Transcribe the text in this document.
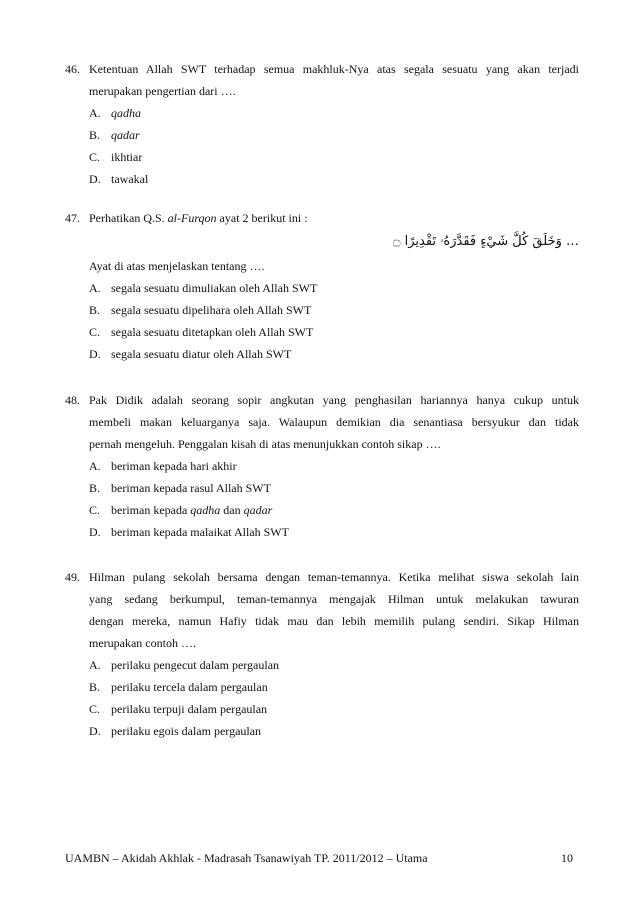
46. Ketentuan Allah SWT terhadap semua makhluk-Nya atas segala sesuatu yang akan terjadi
merupakan pengertian dari ….
A. qadha
B. qadar
C. ikhtiar
D. tawakal
47. Perhatikan Q.S. al-Furqon ayat 2 berikut ini :
… وَخَلَقَ كُلَّ شَيْءٍ فَقَدَّرَهُۥ تَقْدِيرًا ۝
Ayat di atas menjelaskan tentang ….
A. segala sesuatu dimuliakan oleh Allah SWT
B. segala sesuatu dipelihara oleh Allah SWT
C. segala sesuatu ditetapkan oleh Allah SWT
D. segala sesuatu diatur oleh Allah SWT
48. Pak Didik adalah seorang sopir angkutan yang penghasilan hariannya hanya cukup untuk
membeli makan keluarganya saja. Walaupun demikian dia senantiasa bersyukur dan tidak
pernah mengeluh. Penggalan kisah di atas menunjukkan contoh sikap ….
A. beriman kepada hari akhir
B. beriman kepada rasul Allah SWT
C. beriman kepada qadha dan qadar
D. beriman kepada malaikat Allah SWT
49. Hilman pulang sekolah bersama dengan teman-temannya. Ketika melihat siswa sekolah lain
yang sedang berkumpul, teman-temannya mengajak Hilman untuk melakukan tawuran
dengan mereka, namun Hafiy tidak mau dan lebih memilih pulang sendiri. Sikap Hilman
merupakan contoh ….
A. perilaku pengecut dalam pergaulan
B. perilaku tercela dalam pergaulan
C. perilaku terpuji dalam pergaulan
D. perilaku egois dalam pergaulan
UAMBN – Akidah Akhlak - Madrasah Tsanawiyah TP. 2011/2012 – Utama	10
